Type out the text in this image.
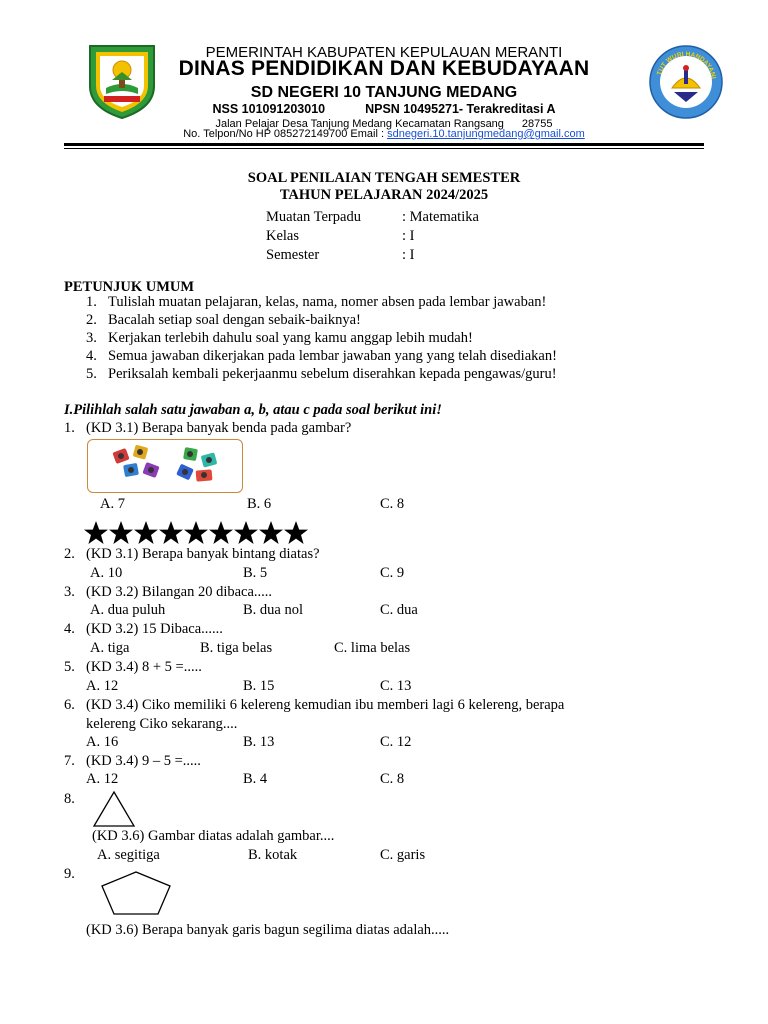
TUT WURI HANDAYANI
PEMERINTAH KABUPATEN KEPULAUAN MERANTI
DINAS PENDIDIKAN DAN KEBUDAYAAN
SD NEGERI 10 TANJUNG MEDANG
NSS 101091203010	NPSN 10495271- Terakreditasi A
Jalan Pelajar Desa Tanjung Medang Kecamatan Rangsang 28755
No. Telpon/No HP 085272149700 Email : sdnegeri.10.tanjungmedang@gmail.com
SOAL PENILAIAN TENGAH SEMESTER
TAHUN PELAJARAN 2024/2025
Muatan Terpadu	: Matematika
Kelas	: I
Semester	: I
PETUNJUK UMUM
1. Tulislah muatan pelajaran, kelas, nama, nomer absen pada lembar jawaban!
2. Bacalah setiap soal dengan sebaik-baiknya!
3. Kerjakan terlebih dahulu soal yang kamu anggap lebih mudah!
4. Semua jawaban dikerjakan pada lembar jawaban yang yang telah disediakan!
5. Periksalah kembali pekerjaanmu sebelum diserahkan kepada pengawas/guru!
I.Pilihlah salah satu jawaban a, b, atau c pada soal berikut ini!
1. (KD 3.1) Berapa banyak benda pada gambar?
A. 7	B. 6	C. 8
2. (KD 3.1) Berapa banyak bintang diatas?
A. 10	B. 5	C. 9
3. (KD 3.2) Bilangan 20 dibaca.....
A. dua puluh	B. dua nol	C. dua
4. (KD 3.2) 15 Dibaca......
A. tiga	B. tiga belas	C. lima belas
5. (KD 3.4) 8 + 5 =.....
A. 12	B. 15	C. 13
6. (KD 3.4) Ciko memiliki 6 kelereng kemudian ibu memberi lagi 6 kelereng, berapa
kelereng Ciko sekarang....
A. 16	B. 13	C. 12
7. (KD 3.4) 9 – 5 =.....
A. 12	B. 4	C. 8
8.
(KD 3.6) Gambar diatas adalah gambar....
A. segitiga	B. kotak	C. garis
9.
(KD 3.6) Berapa banyak garis bagun segilima diatas adalah.....
